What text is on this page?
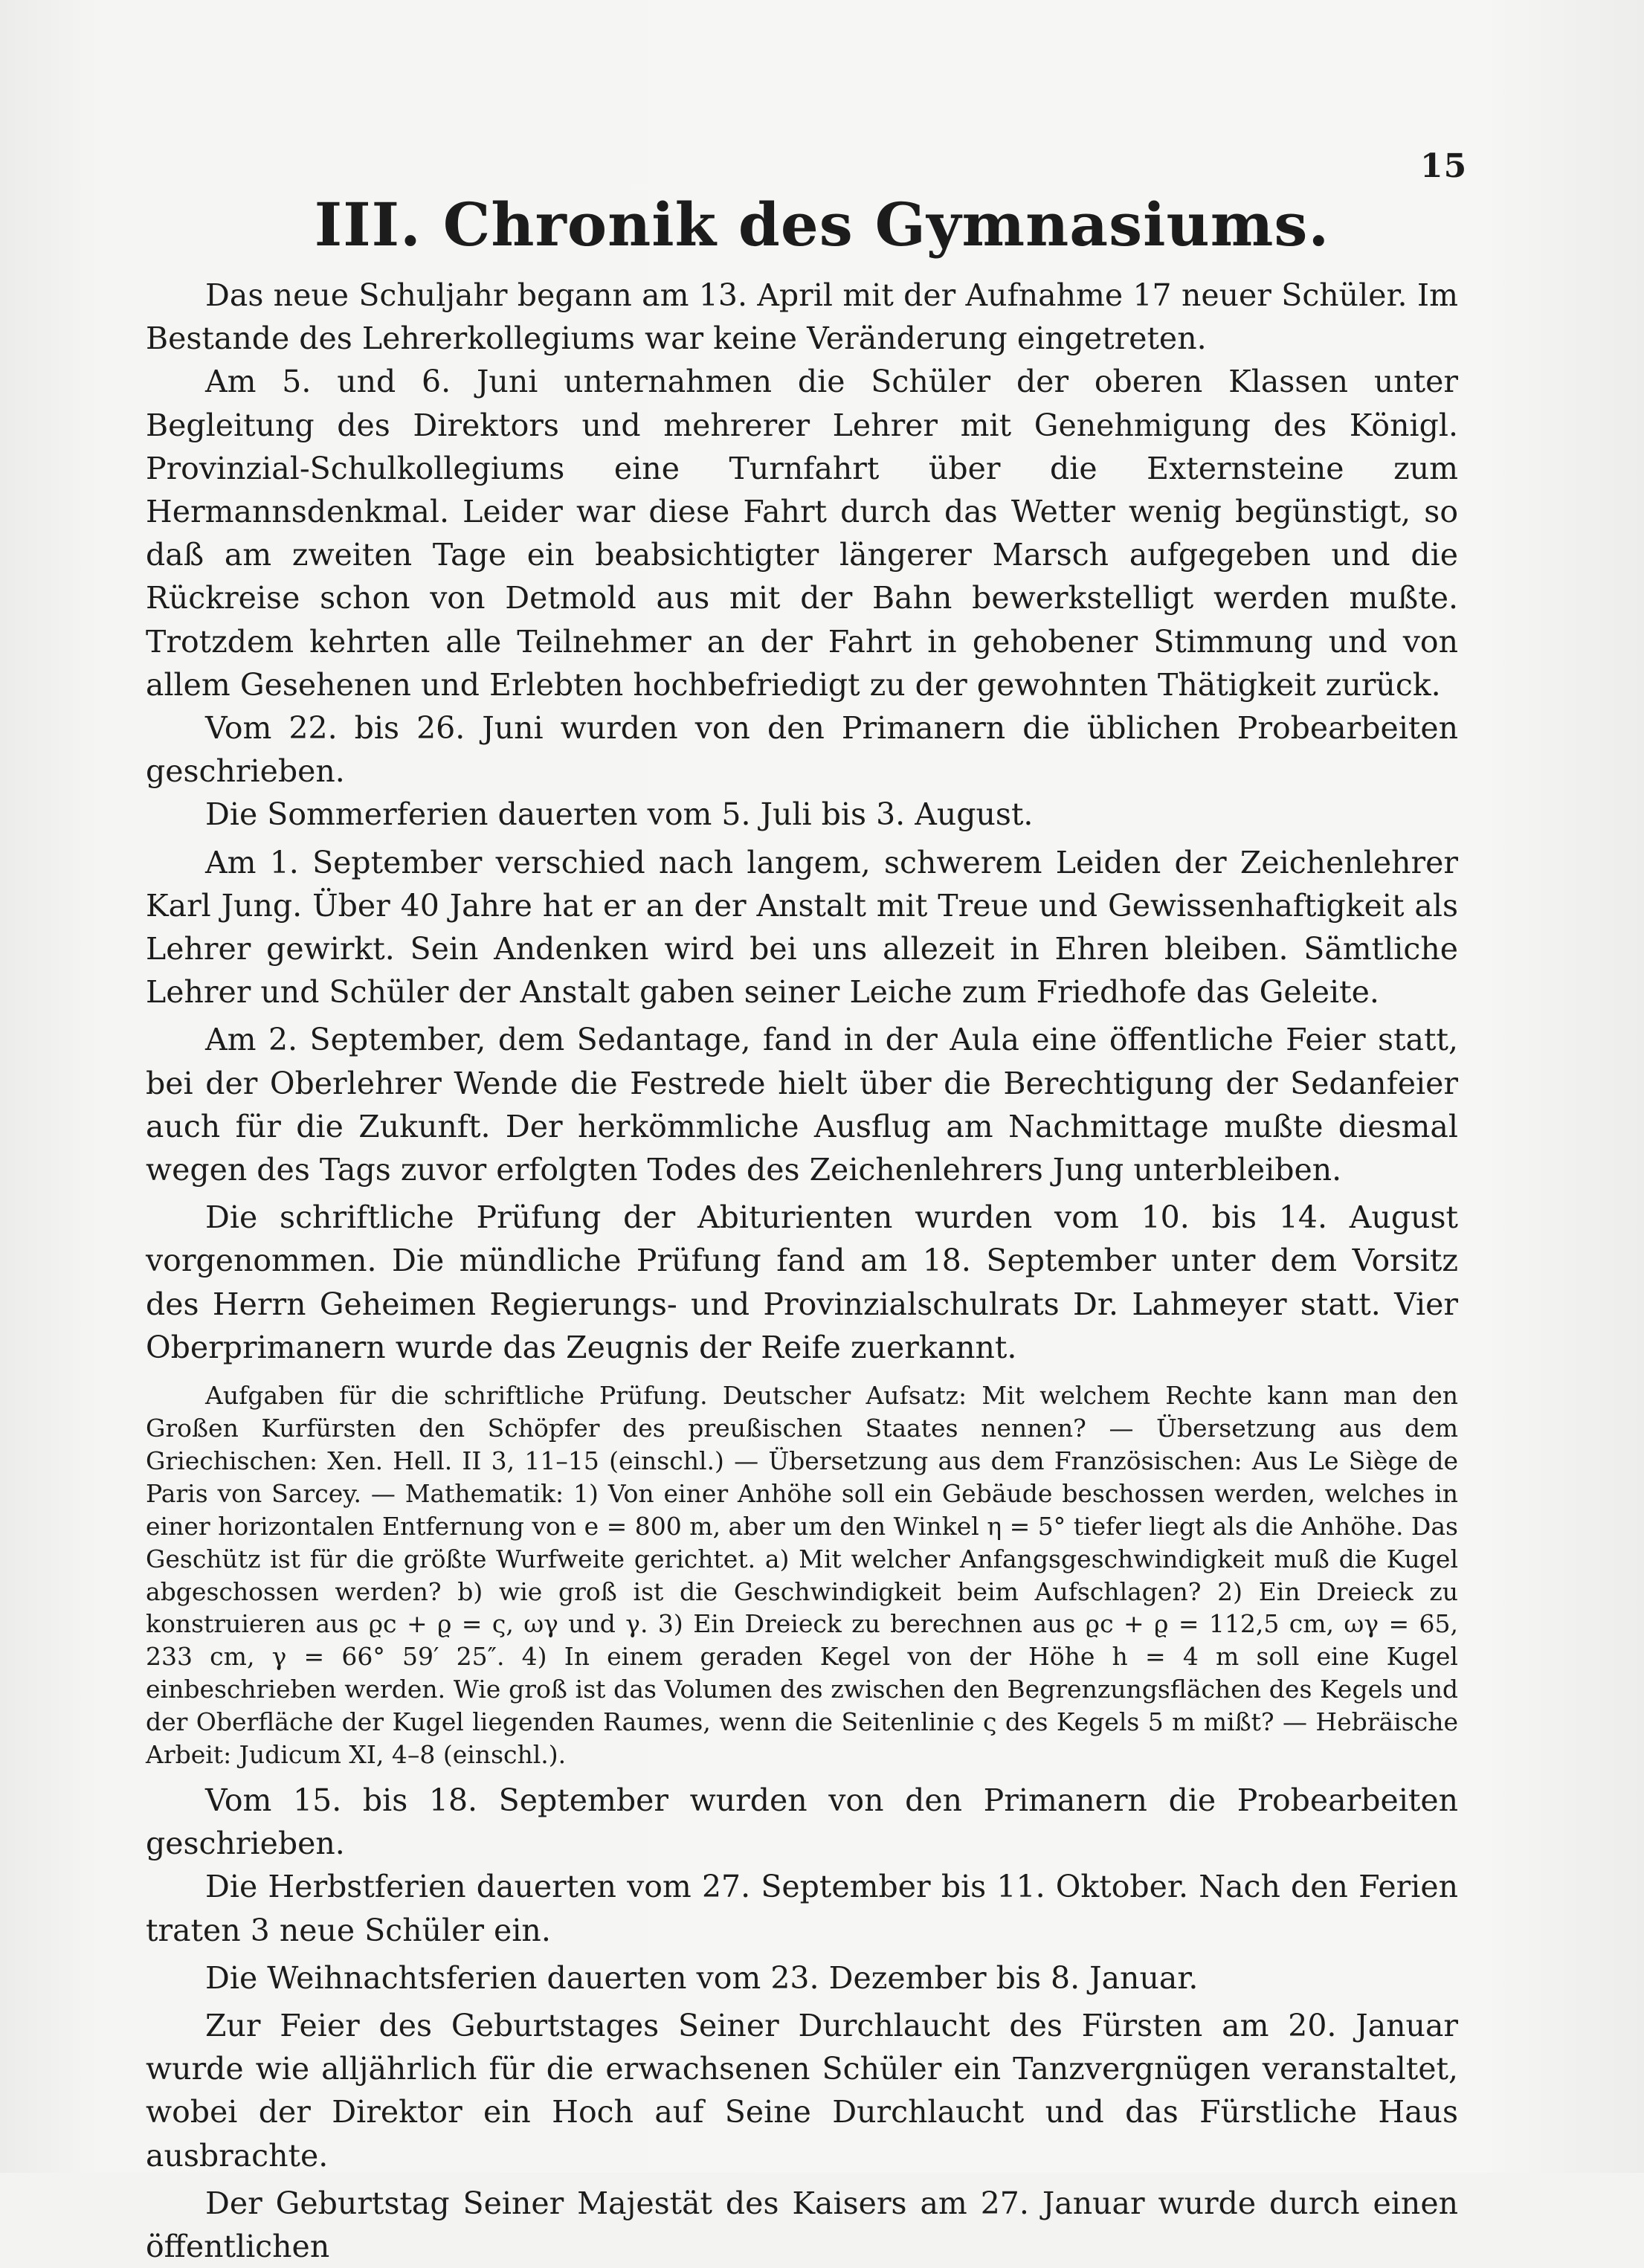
15
III. Chronik des Gymnasiums.

Das neue Schuljahr begann am 13. April mit der Aufnahme 17 neuer Schüler. Im Bestande des Lehrerkollegiums war keine Veränderung eingetreten.

Am 5. und 6. Juni unternahmen die Schüler der oberen Klassen unter Begleitung des Direktors und mehrerer Lehrer mit Genehmigung des Königl. Provinzial-Schulkollegiums eine Turnfahrt über die Externsteine zum Hermannsdenkmal. Leider war diese Fahrt durch das Wetter wenig begünstigt, so daß am zweiten Tage ein beabsichtigter längerer Marsch aufgegeben und die Rückreise schon von Detmold aus mit der Bahn bewerkstelligt werden mußte. Trotzdem kehrten alle Teilnehmer an der Fahrt in gehobener Stimmung und von allem Gesehenen und Erlebten hochbefriedigt zu der gewohnten Thätigkeit zurück.

Vom 22. bis 26. Juni wurden von den Primanern die üblichen Probearbeiten geschrieben.

Die Sommerferien dauerten vom 5. Juli bis 3. August.

Am 1. September verschied nach langem, schwerem Leiden der Zeichenlehrer Karl Jung. Über 40 Jahre hat er an der Anstalt mit Treue und Gewissenhaftigkeit als Lehrer gewirkt. Sein Andenken wird bei uns allezeit in Ehren bleiben. Sämtliche Lehrer und Schüler der Anstalt gaben seiner Leiche zum Friedhofe das Geleite.

Am 2. September, dem Sedantage, fand in der Aula eine öffentliche Feier statt, bei der Oberlehrer Wende die Festrede hielt über die Berechtigung der Sedanfeier auch für die Zukunft. Der herkömmliche Ausflug am Nachmittage mußte diesmal wegen des Tags zuvor erfolgten Todes des Zeichenlehrers Jung unterbleiben.

Die schriftliche Prüfung der Abiturienten wurden vom 10. bis 14. August vorgenommen. Die mündliche Prüfung fand am 18. September unter dem Vorsitz des Herrn Geheimen Regierungs- und Provinzialschulrats Dr. Lahmeyer statt. Vier Oberprimanern wurde das Zeugnis der Reife zuerkannt.

Aufgaben für die schriftliche Prüfung. Deutscher Aufsatz: Mit welchem Rechte kann man den Großen Kurfürsten den Schöpfer des preußischen Staates nennen? — Übersetzung aus dem Griechischen: Xen. Hell. II 3, 11–15 (einschl.) — Übersetzung aus dem Französischen: Aus Le Siège de Paris von Sarcey. — Mathematik: 1) Von einer Anhöhe soll ein Gebäude beschossen werden, welches in einer horizontalen Entfernung von e = 800 m, aber um den Winkel η = 5° tiefer liegt als die Anhöhe. Das Geschütz ist für die größte Wurfweite gerichtet. a) Mit welcher Anfangsgeschwindigkeit muß die Kugel abgeschossen werden? b) wie groß ist die Geschwindigkeit beim Aufschlagen? 2) Ein Dreieck zu konstruieren aus ϱc + ϱ = ς, ωγ und γ. 3) Ein Dreieck zu berechnen aus ϱc + ϱ = 112,5 cm, ωγ = 65, 233 cm, γ = 66° 59′ 25″. 4) In einem geraden Kegel von der Höhe h = 4 m soll eine Kugel einbeschrieben werden. Wie groß ist das Volumen des zwischen den Begrenzungsflächen des Kegels und der Oberfläche der Kugel liegenden Raumes, wenn die Seitenlinie ς des Kegels 5 m mißt? — Hebräische Arbeit: Judicum XI, 4–8 (einschl.).

Vom 15. bis 18. September wurden von den Primanern die Probearbeiten geschrieben.

Die Herbstferien dauerten vom 27. September bis 11. Oktober. Nach den Ferien traten 3 neue Schüler ein.

Die Weihnachtsferien dauerten vom 23. Dezember bis 8. Januar.

Zur Feier des Geburtstages Seiner Durchlaucht des Fürsten am 20. Januar wurde wie alljährlich für die erwachsenen Schüler ein Tanzvergnügen veranstaltet, wobei der Direktor ein Hoch auf Seine Durchlaucht und das Fürstliche Haus ausbrachte.

Der Geburtstag Seiner Majestät des Kaisers am 27. Januar wurde durch einen öffentlichen
